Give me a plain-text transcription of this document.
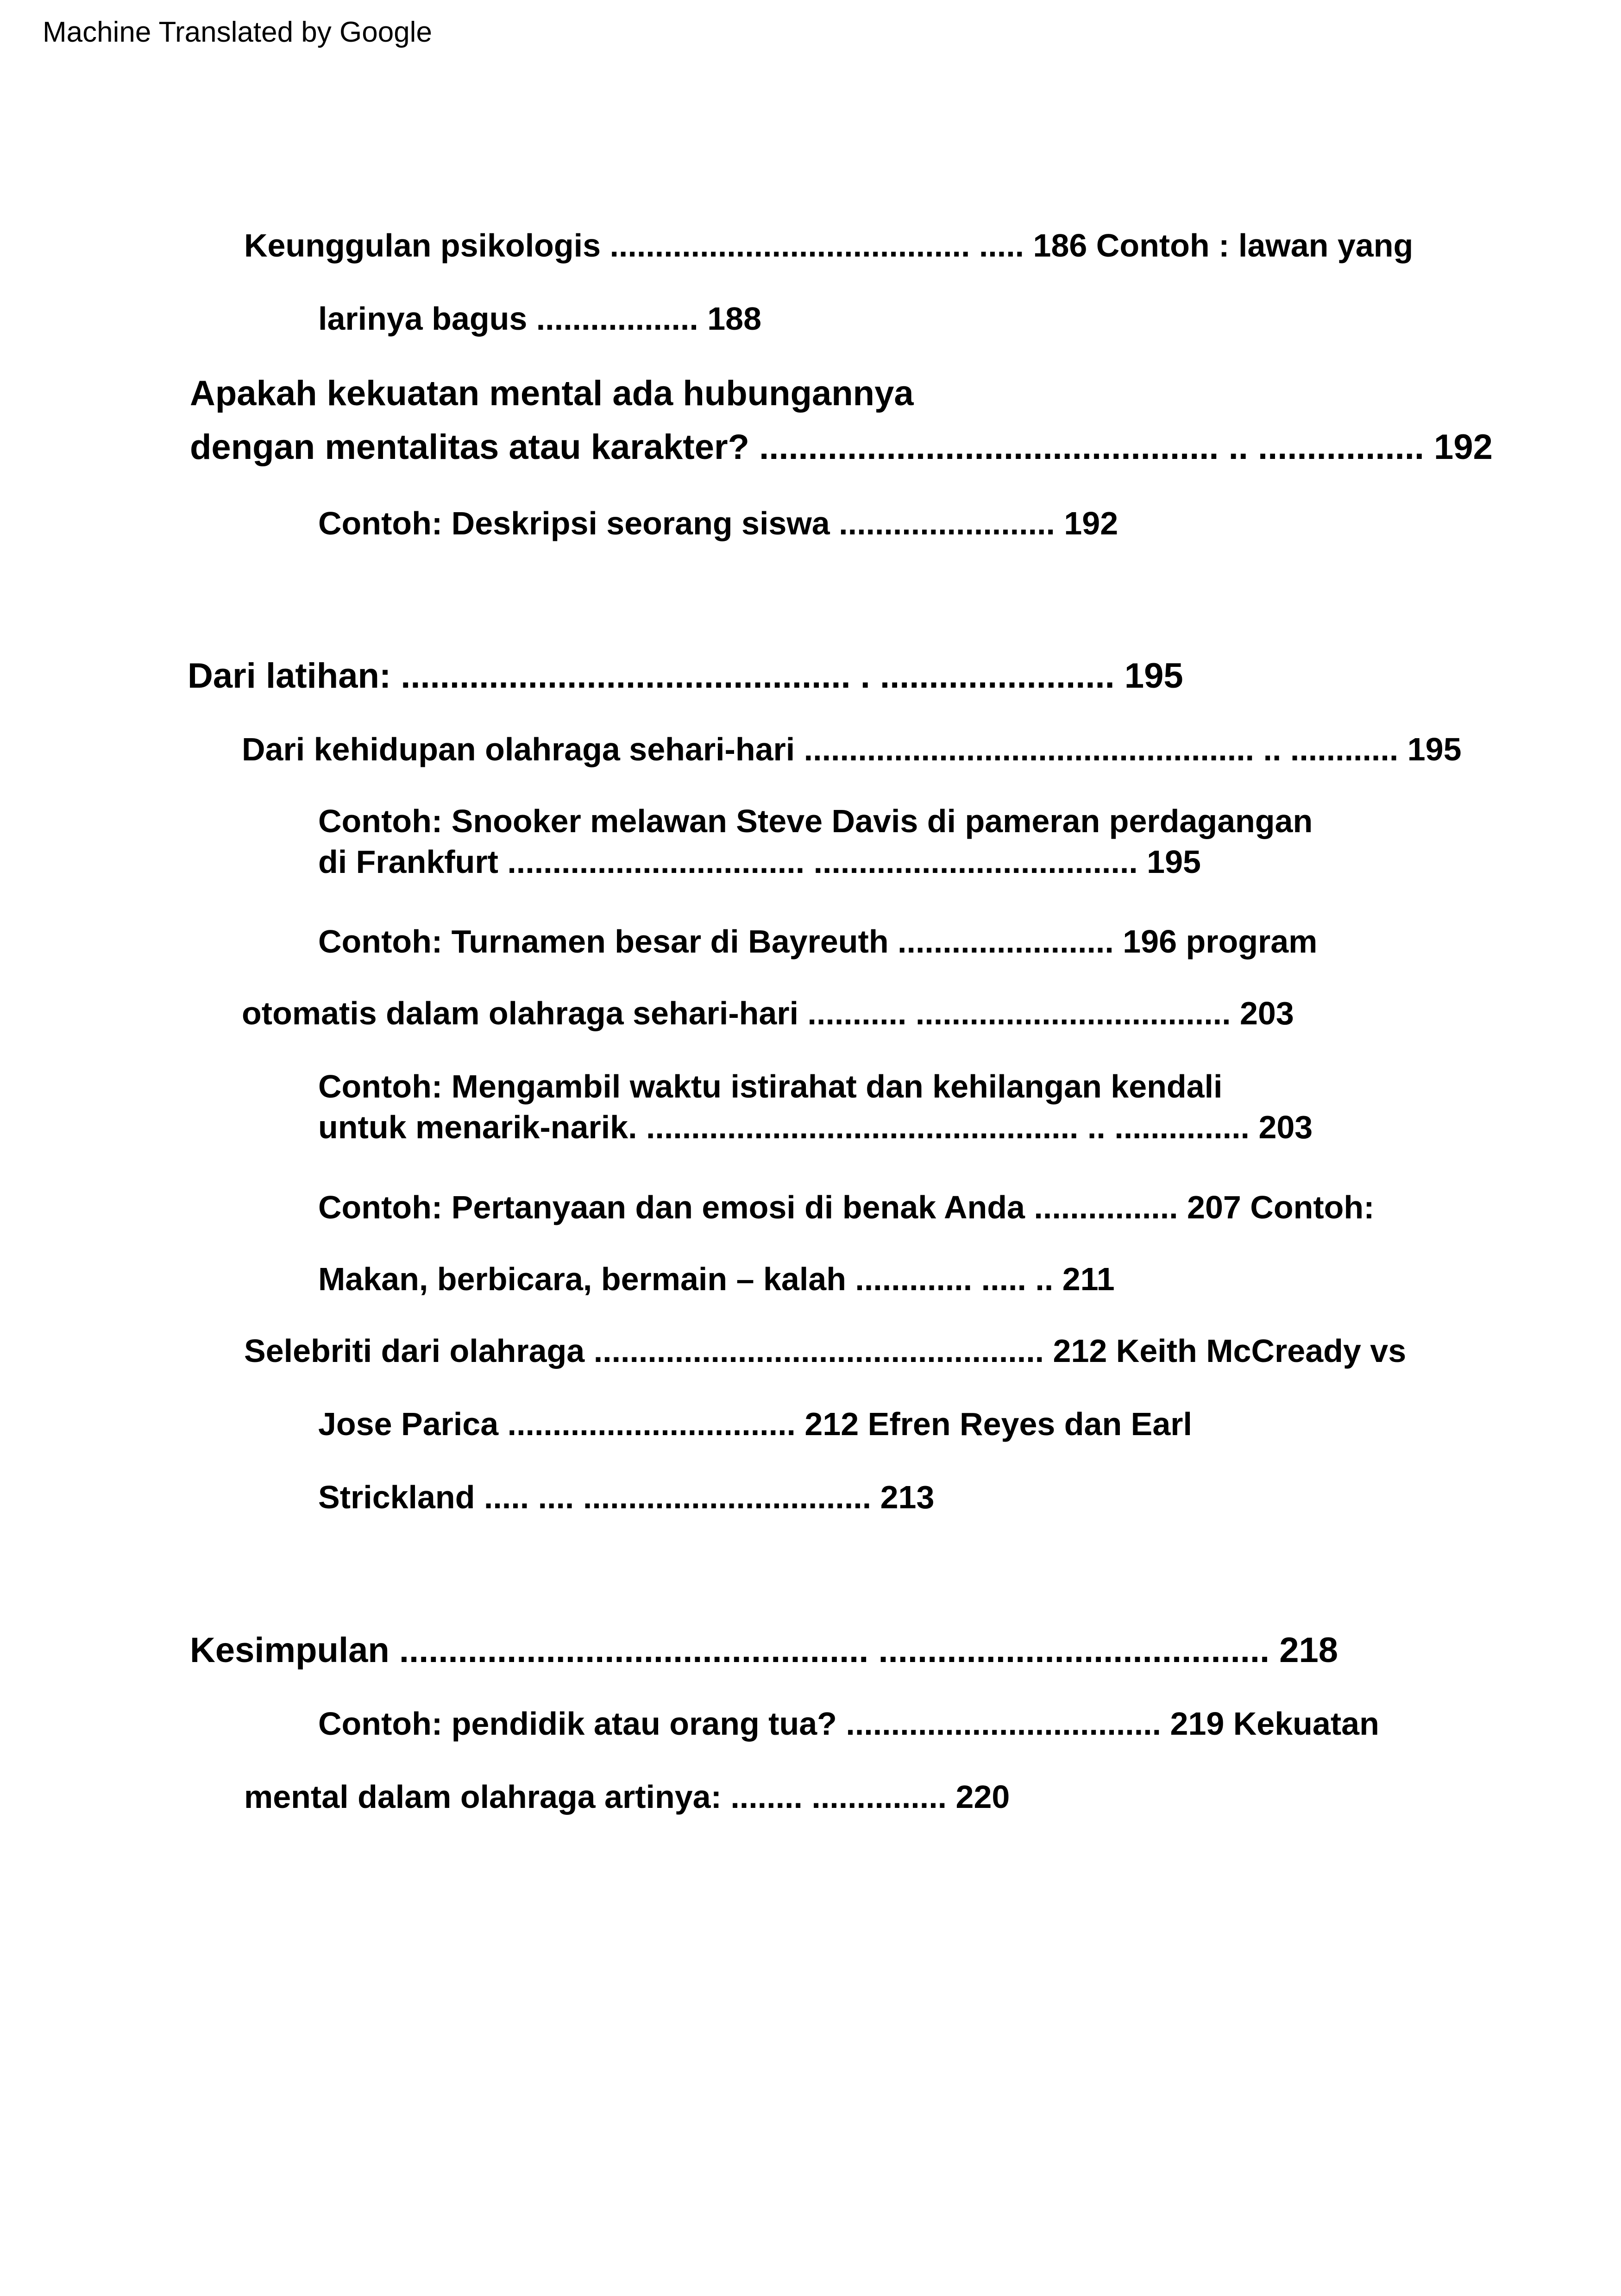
Machine Translated by Google
Keunggulan psikologis ........................................ ..... 186 Contoh : lawan yang
larinya bagus .................. 188
Apakah kekuatan mental ada hubungannya
dengan mentalitas atau karakter? ............................................... .. ................. 192
Contoh: Deskripsi seorang siswa ........................ 192
Dari latihan: .............................................. . ........................ 195
Dari kehidupan olahraga sehari-hari .................................................. .. ............ 195
Contoh: Snooker melawan Steve Davis di pameran perdagangan
di Frankfurt ................................. .................................... 195
Contoh: Turnamen besar di Bayreuth ........................ 196 program
otomatis dalam olahraga sehari-hari ........... ................................... 203
Contoh: Mengambil waktu istirahat dan kehilangan kendali
untuk menarik-narik. ................................................ .. ............... 203
Contoh: Pertanyaan dan emosi di benak Anda ................ 207 Contoh:
Makan, berbicara, bermain – kalah ............. ..... .. 211
Selebriti dari olahraga .................................................. 212 Keith McCready vs
Jose Parica ................................ 212 Efren Reyes dan Earl
Strickland ..... .... ................................ 213
Kesimpulan ................................................ ........................................ 218
Contoh: pendidik atau orang tua? ................................... 219 Kekuatan
mental dalam olahraga artinya: ........ ............... 220
